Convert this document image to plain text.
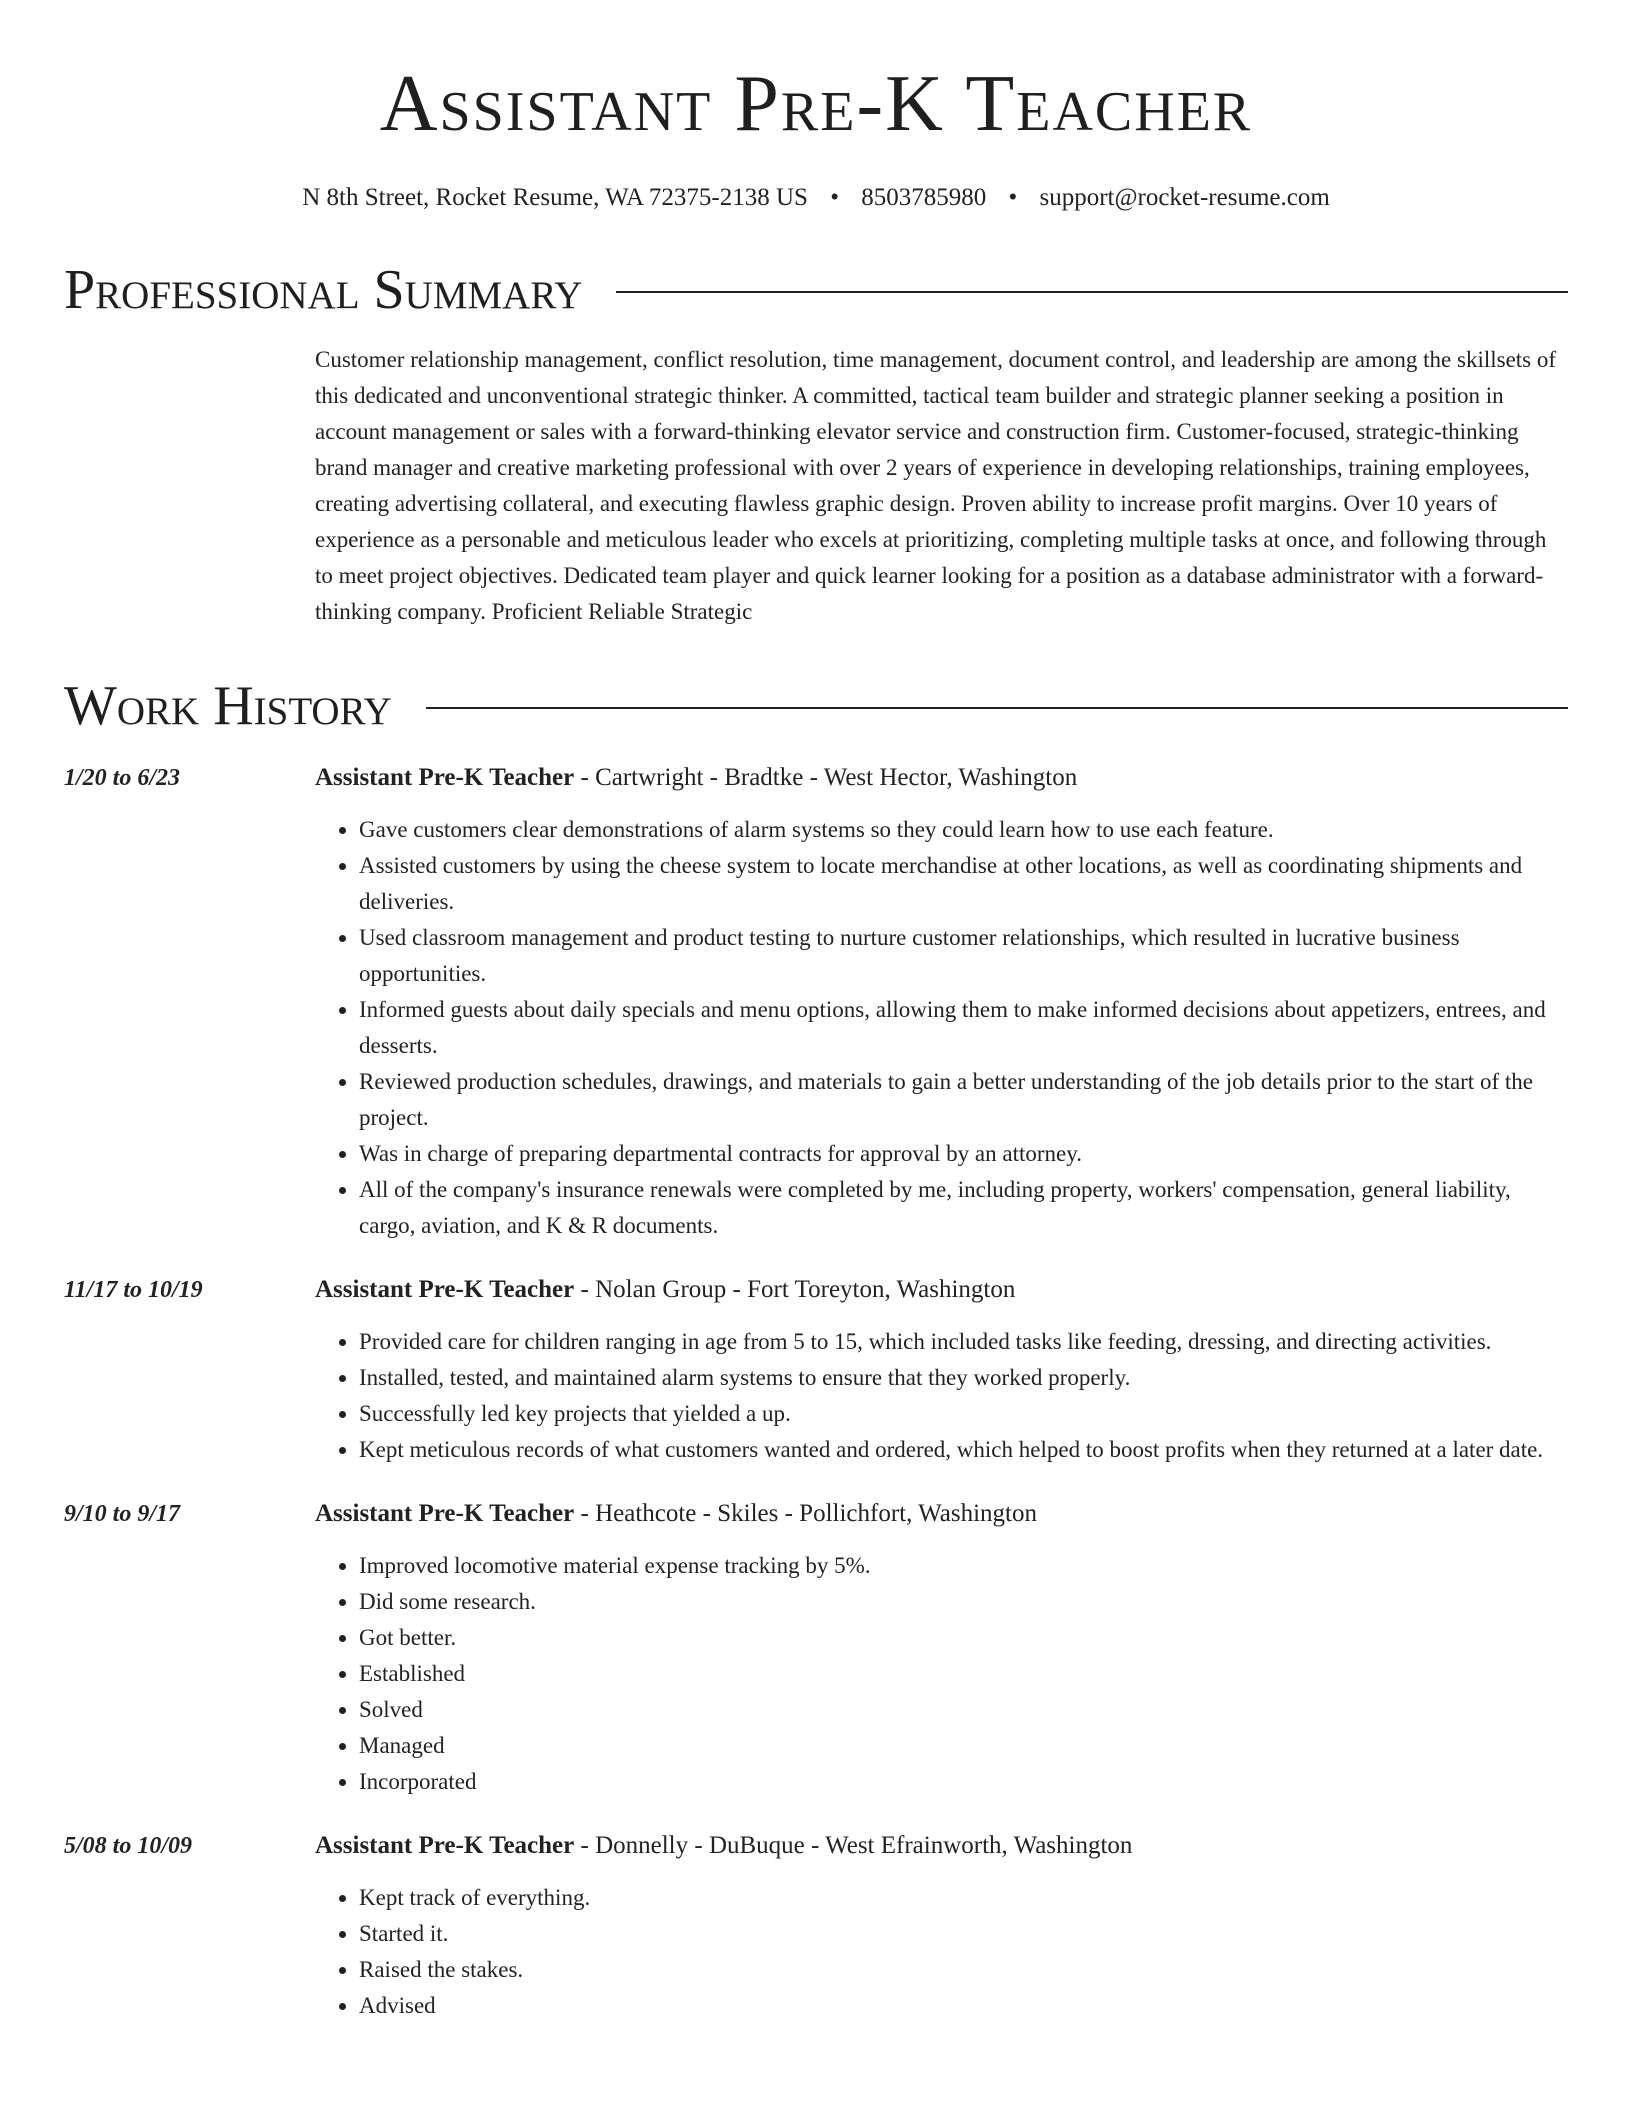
Assistant Pre-K Teacher
N 8th Street, Rocket Resume, WA 72375-2138 US • 8503785980 • support@rocket-resume.com
Professional Summary
Customer relationship management, conflict resolution, time management, document control, and leadership are among the skillsets of this dedicated and unconventional strategic thinker. A committed, tactical team builder and strategic planner seeking a position in account management or sales with a forward-thinking elevator service and construction firm. Customer-focused, strategic-thinking brand manager and creative marketing professional with over 2 years of experience in developing relationships, training employees, creating advertising collateral, and executing flawless graphic design. Proven ability to increase profit margins. Over 10 years of experience as a personable and meticulous leader who excels at prioritizing, completing multiple tasks at once, and following through to meet project objectives. Dedicated team player and quick learner looking for a position as a database administrator with a forward-thinking company. Proficient Reliable Strategic
Work History
1/20 to 6/23	Assistant Pre-K Teacher - Cartwright - Bradtke - West Hector, Washington
• Gave customers clear demonstrations of alarm systems so they could learn how to use each feature.
• Assisted customers by using the cheese system to locate merchandise at other locations, as well as coordinating shipments and deliveries.
• Used classroom management and product testing to nurture customer relationships, which resulted in lucrative business opportunities.
• Informed guests about daily specials and menu options, allowing them to make informed decisions about appetizers, entrees, and desserts.
• Reviewed production schedules, drawings, and materials to gain a better understanding of the job details prior to the start of the project.
• Was in charge of preparing departmental contracts for approval by an attorney.
• All of the company's insurance renewals were completed by me, including property, workers' compensation, general liability, cargo, aviation, and K & R documents.
11/17 to 10/19	Assistant Pre-K Teacher - Nolan Group - Fort Toreyton, Washington
• Provided care for children ranging in age from 5 to 15, which included tasks like feeding, dressing, and directing activities.
• Installed, tested, and maintained alarm systems to ensure that they worked properly.
• Successfully led key projects that yielded a up.
• Kept meticulous records of what customers wanted and ordered, which helped to boost profits when they returned at a later date.
9/10 to 9/17	Assistant Pre-K Teacher - Heathcote - Skiles - Pollichfort, Washington
• Improved locomotive material expense tracking by 5%.
• Did some research.
• Got better.
• Established
• Solved
• Managed
• Incorporated
5/08 to 10/09	Assistant Pre-K Teacher - Donnelly - DuBuque - West Efrainworth, Washington
• Kept track of everything.
• Started it.
• Raised the stakes.
• Advised
